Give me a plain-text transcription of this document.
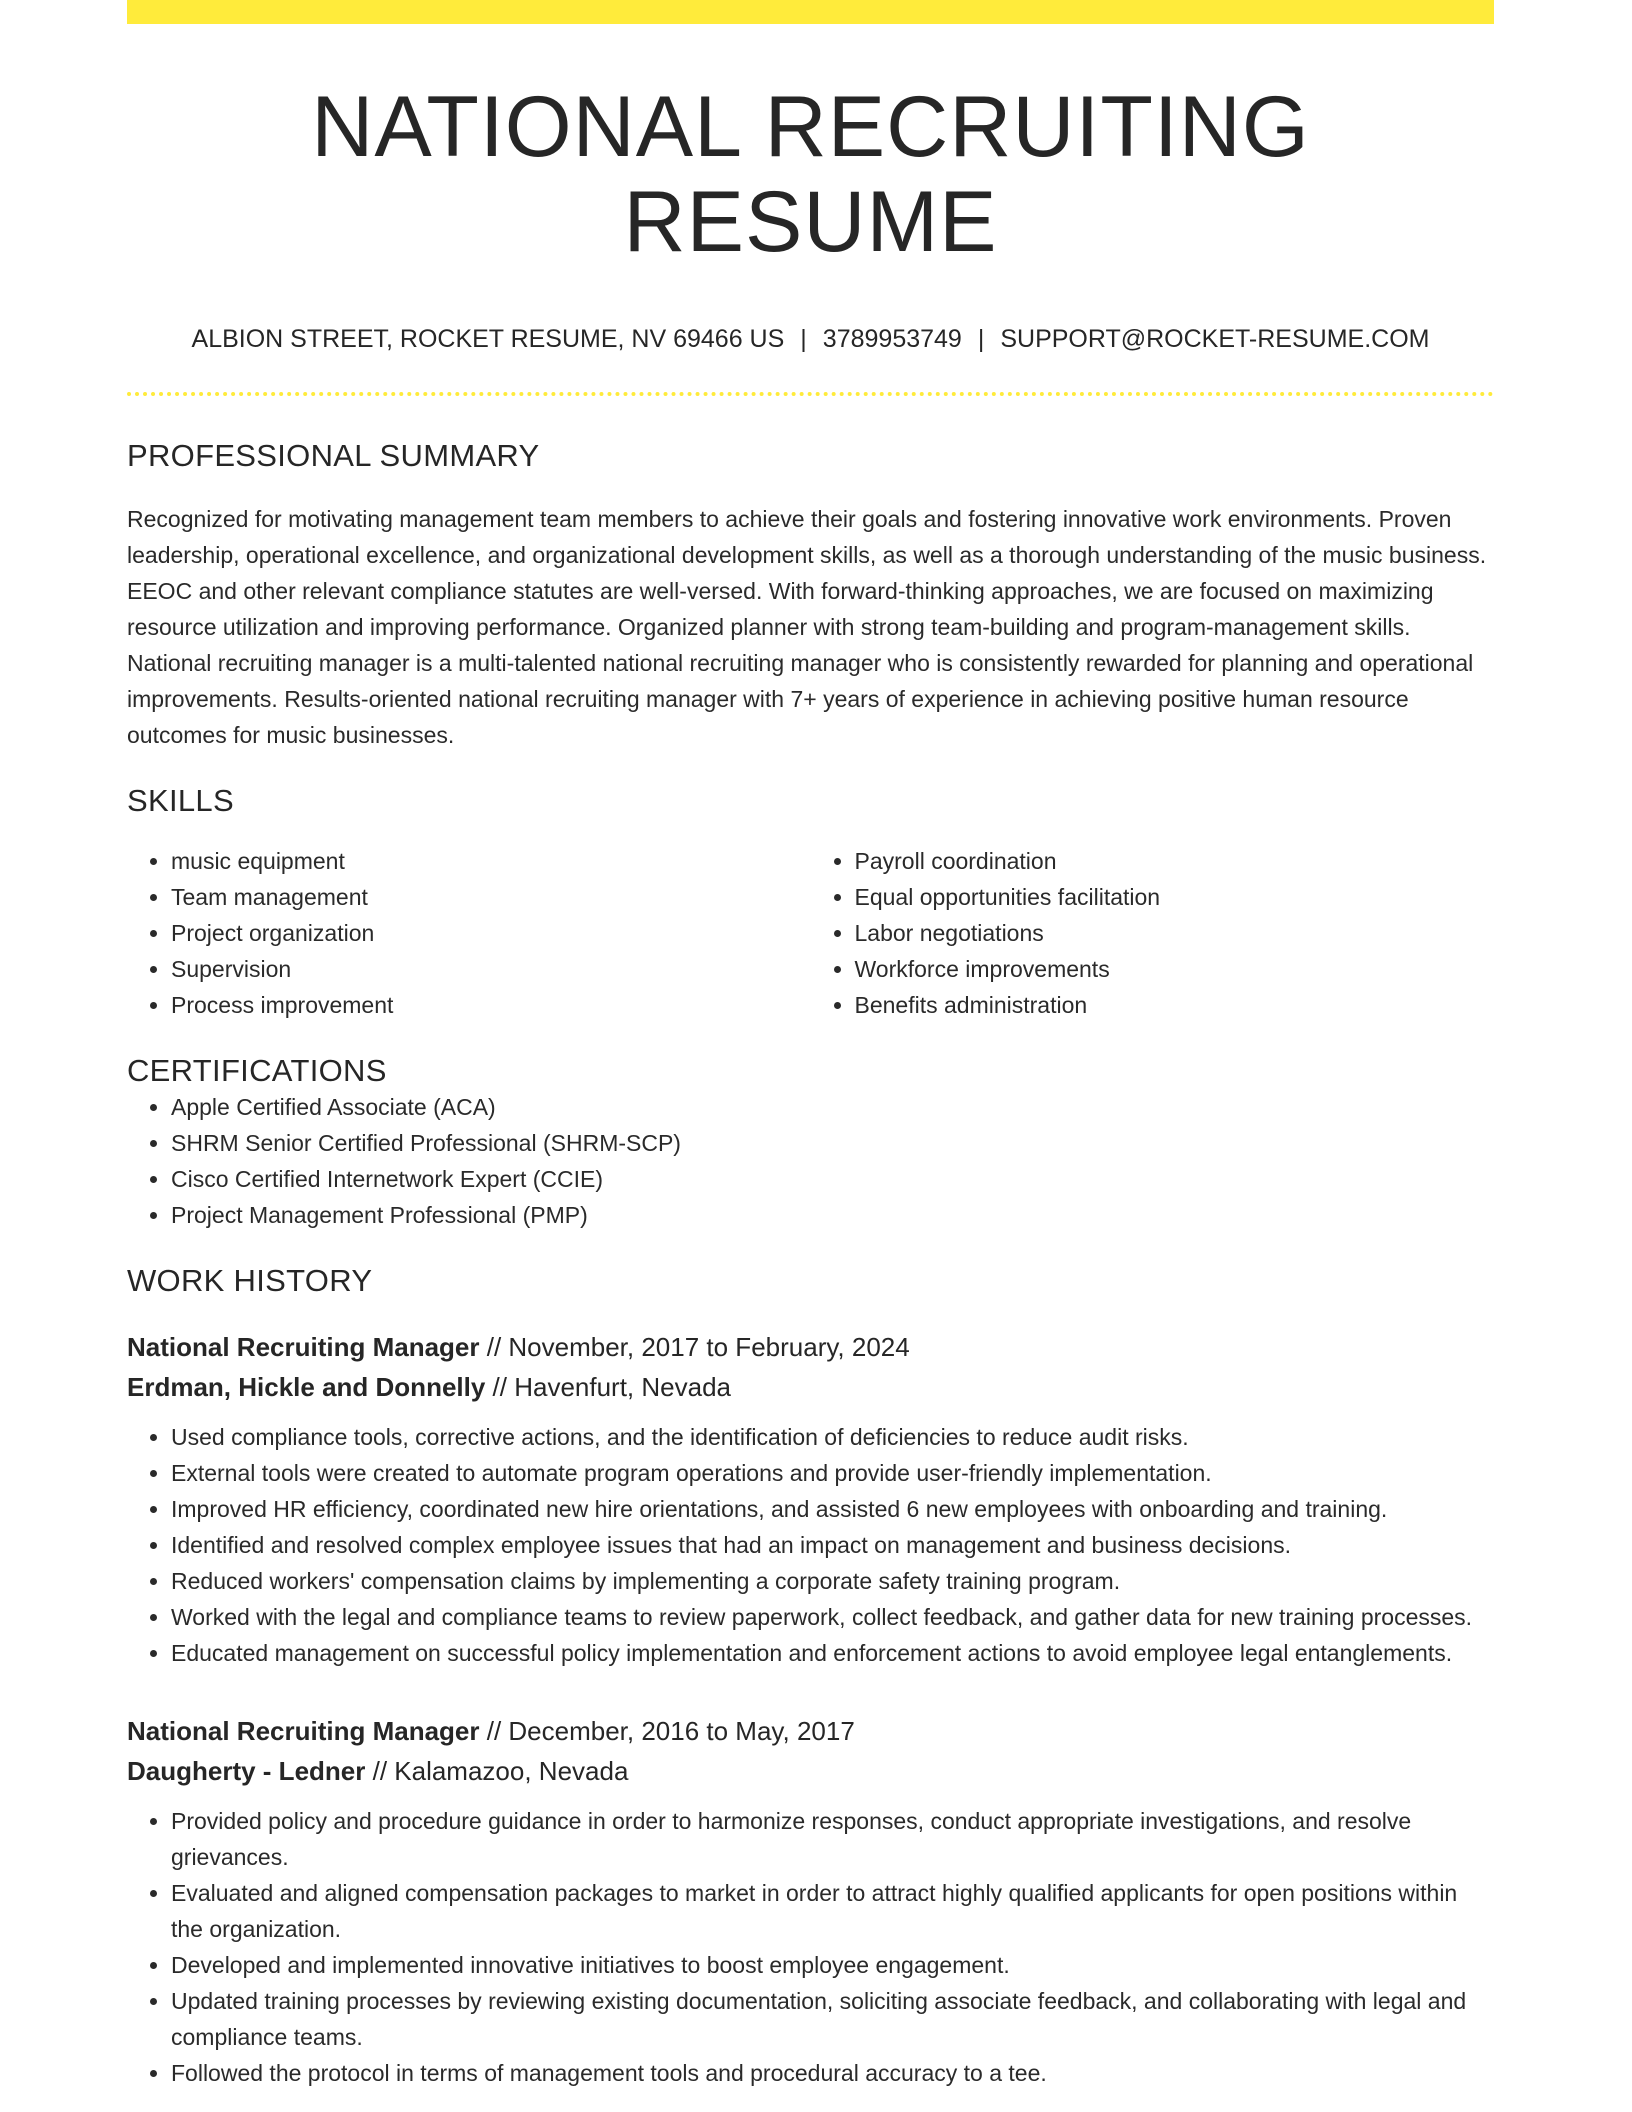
NATIONAL RECRUITING RESUME
ALBION STREET, ROCKET RESUME, NV 69466 US | 3789953749 | SUPPORT@ROCKET-RESUME.COM
PROFESSIONAL SUMMARY

Recognized for motivating management team members to achieve their goals and fostering innovative work environments. Proven leadership, operational excellence, and organizational development skills, as well as a thorough understanding of the music business. EEOC and other relevant compliance statutes are well-versed. With forward-thinking approaches, we are focused on maximizing resource utilization and improving performance. Organized planner with strong team-building and program-management skills. National recruiting manager is a multi-talented national recruiting manager who is consistently rewarded for planning and operational improvements. Results-oriented national recruiting manager with 7+ years of experience in achieving positive human resource outcomes for music businesses.

SKILLS
• music equipment
• Team management
• Project organization
• Supervision
• Process improvement
• Payroll coordination
• Equal opportunities facilitation
• Labor negotiations
• Workforce improvements
• Benefits administration
CERTIFICATIONS
• Apple Certified Associate (ACA)
• SHRM Senior Certified Professional (SHRM-SCP)
• Cisco Certified Internetwork Expert (CCIE)
• Project Management Professional (PMP)
WORK HISTORY
National Recruiting Manager // November, 2017 to February, 2024
Erdman, Hickle and Donnelly // Havenfurt, Nevada
• Used compliance tools, corrective actions, and the identification of deficiencies to reduce audit risks.
• External tools were created to automate program operations and provide user-friendly implementation.
• Improved HR efficiency, coordinated new hire orientations, and assisted 6 new employees with onboarding and training.
• Identified and resolved complex employee issues that had an impact on management and business decisions.
• Reduced workers' compensation claims by implementing a corporate safety training program.
• Worked with the legal and compliance teams to review paperwork, collect feedback, and gather data for new training processes.
• Educated management on successful policy implementation and enforcement actions to avoid employee legal entanglements.
National Recruiting Manager // December, 2016 to May, 2017
Daugherty - Ledner // Kalamazoo, Nevada
• Provided policy and procedure guidance in order to harmonize responses, conduct appropriate investigations, and resolve grievances.
• Evaluated and aligned compensation packages to market in order to attract highly qualified applicants for open positions within the organization.
• Developed and implemented innovative initiatives to boost employee engagement.
• Updated training processes by reviewing existing documentation, soliciting associate feedback, and collaborating with legal and compliance teams.
• Followed the protocol in terms of management tools and procedural accuracy to a tee.
